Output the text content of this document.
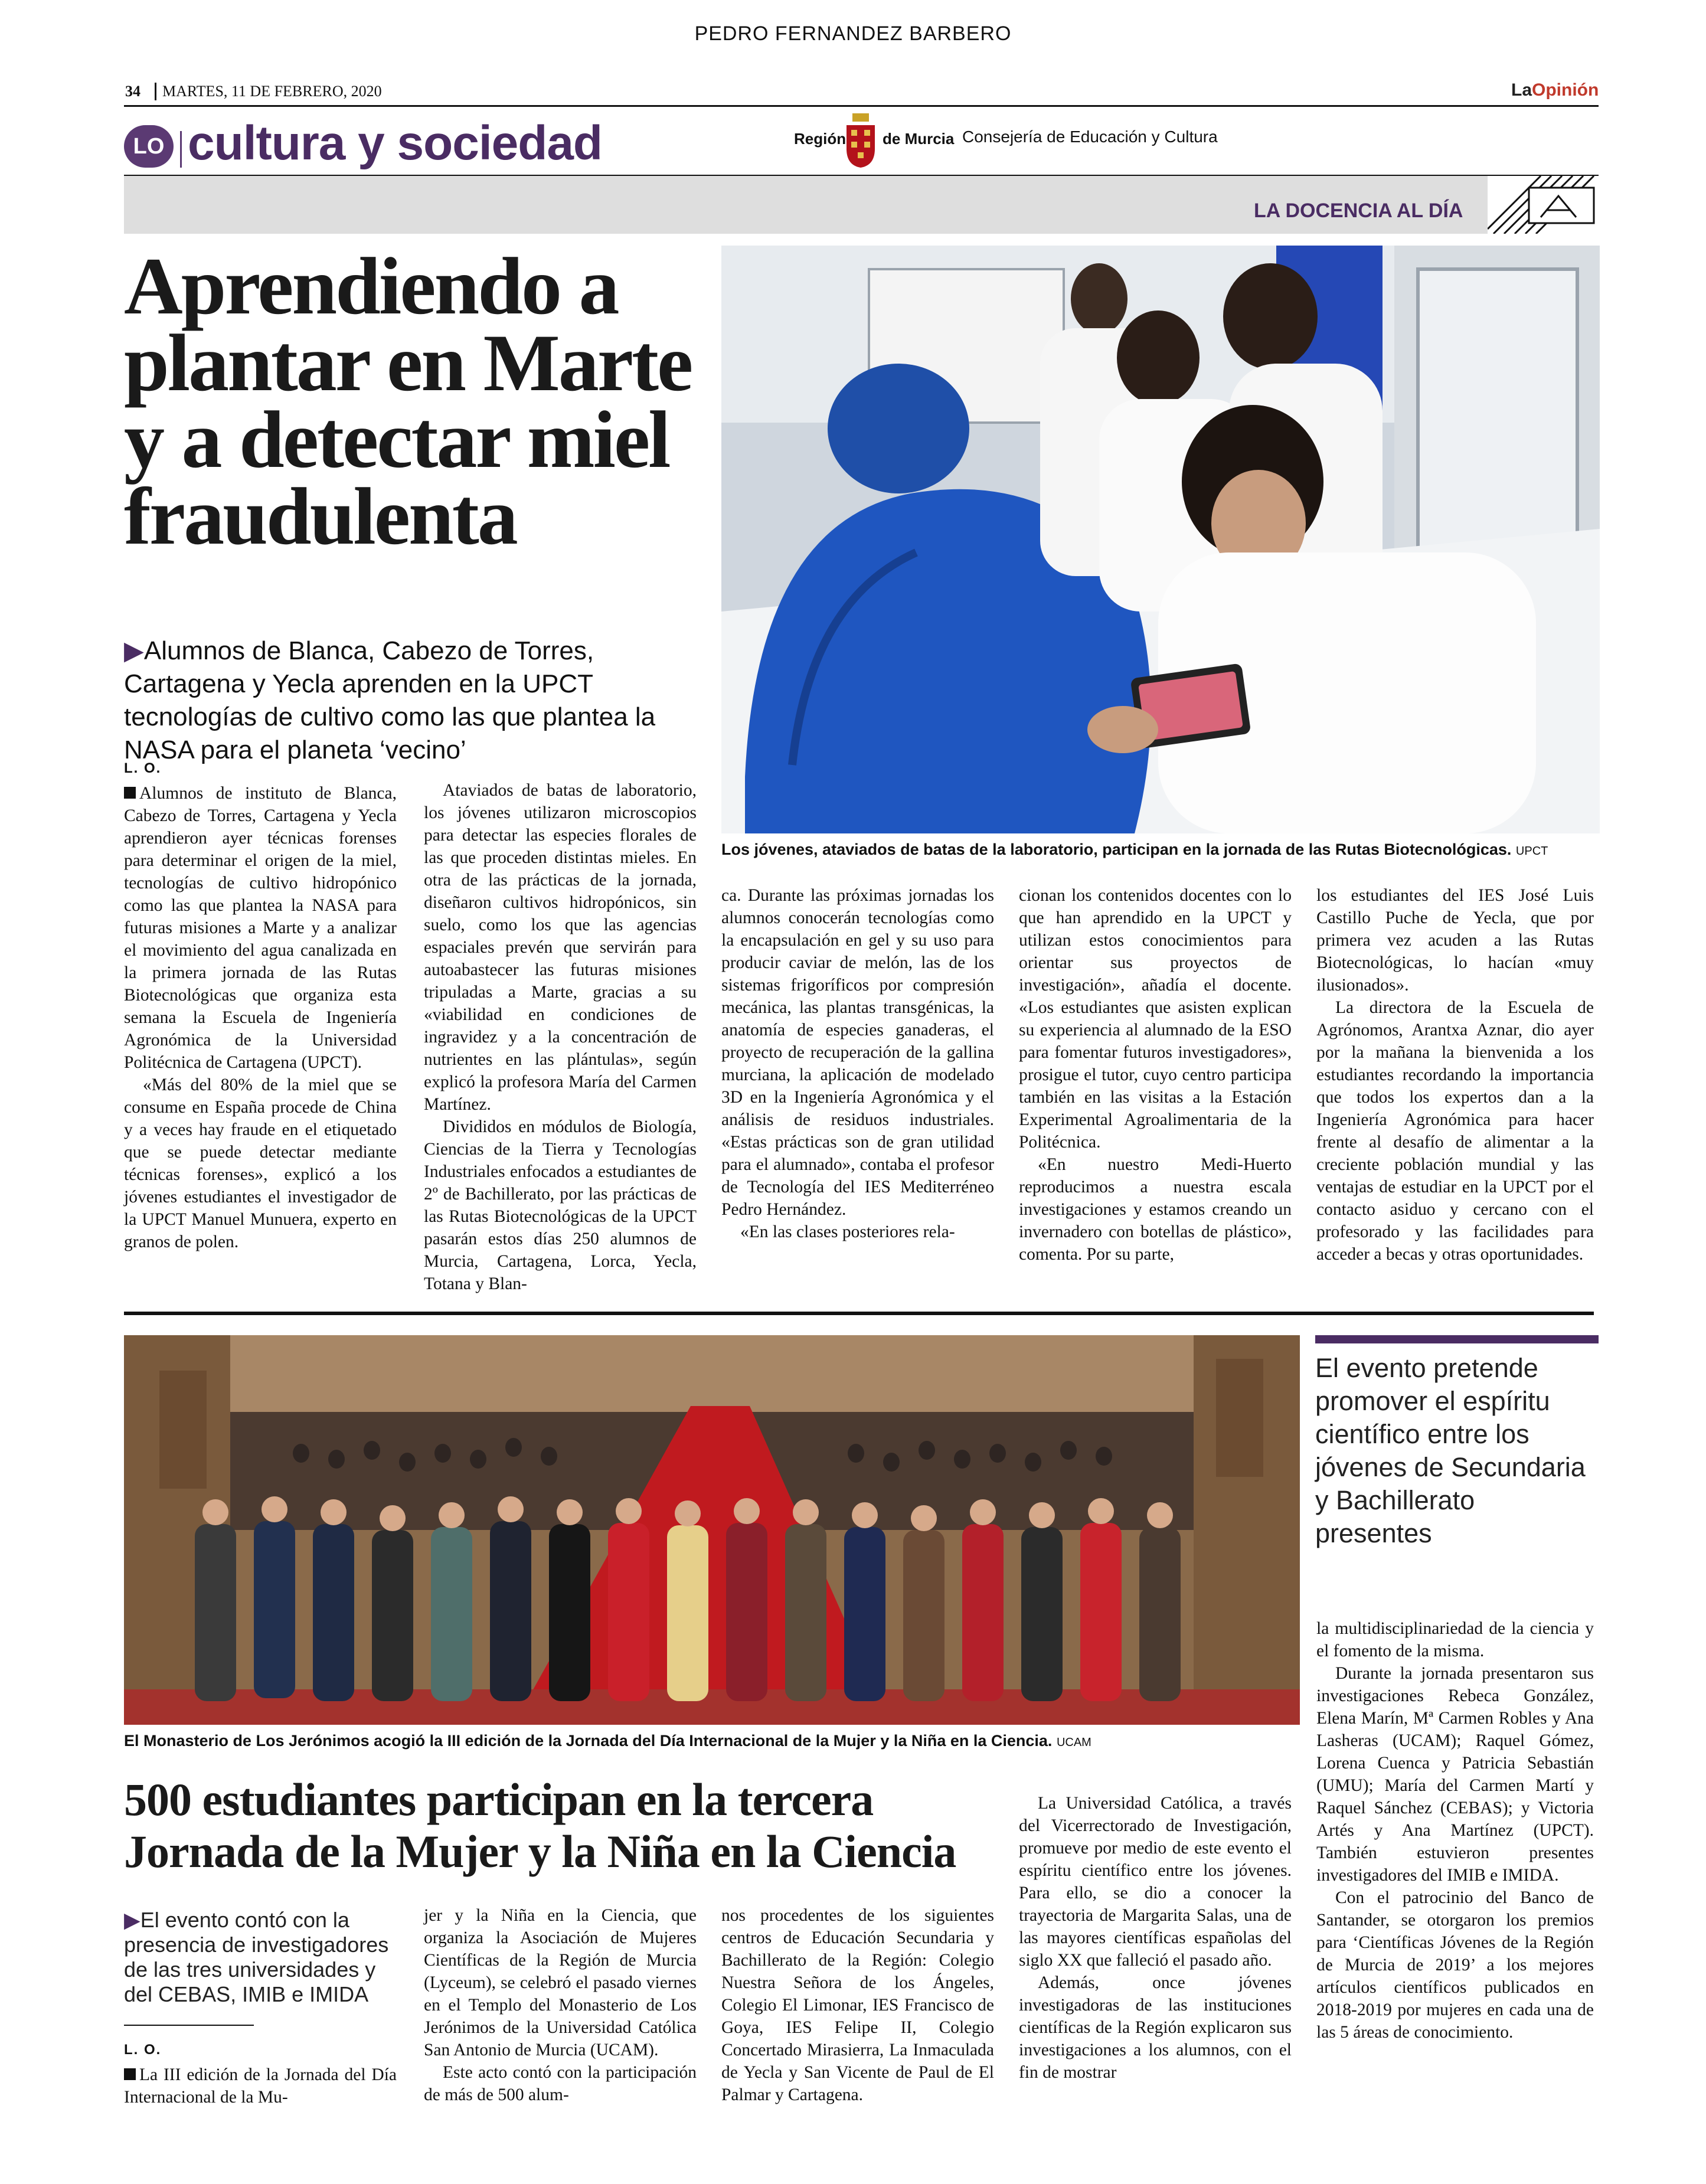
PEDRO FERNANDEZ BARBERO
34	MARTES, 11 DE FEBRERO, 2020	LaOpinión
LO cultura y sociedad	Región de Murcia Consejería de Educación y Cultura
LA DOCENCIA AL DÍA
Aprendiendo a
plantar en Marte
y a detectar miel
fraudulenta
▶Alumnos de Blanca, Cabezo de Torres, Cartagena y Yecla aprenden en la UPCT tecnologías de cultivo como las que plantea la NASA para el planeta ‘vecino’
L. O.

Alumnos de instituto de Blanca, Cabezo de Torres, Cartagena y Yecla aprendieron ayer técnicas forenses para determinar el origen de la miel, tecnologías de cultivo hidropónico como las que plantea la NASA para futuras misiones a Marte y a analizar el movimiento del agua canalizada en la primera jornada de las Rutas Biotecnológicas que organiza esta semana la Escuela de Ingeniería Agronómica de la Universidad Politécnica de Cartagena (UPCT).

«Más del 80% de la miel que se consume en España procede de China y a veces hay fraude en el etiquetado que se puede detectar mediante técnicas forenses», explicó a los jóvenes estudiantes el investigador de la UPCT Manuel Munuera, experto en granos de polen.

Ataviados de batas de laboratorio, los jóvenes utilizaron microscopios para detectar las especies florales de las que proceden distintas mieles. En otra de las prácticas de la jornada, diseñaron cultivos hidropónicos, sin suelo, como los que las agencias espaciales prevén que servirán para autoabastecer las futuras misiones tripuladas a Marte, gracias a su «viabilidad en condiciones de ingravidez y a la concentración de nutrientes en las plántulas», según explicó la profesora María del Carmen Martínez.

Divididos en módulos de Biología, Ciencias de la Tierra y Tecnologías Industriales enfocados a estudiantes de 2º de Bachillerato, por las prácticas de las Rutas Biotecnológicas de la UPCT pasarán estos días 250 alumnos de Murcia, Cartagena, Lorca, Yecla, Totana y Blan-

Los jóvenes, ataviados de batas de la laboratorio, participan en la jornada de las Rutas Biotecnológicas. UPCT

ca. Durante las próximas jornadas los alumnos conocerán tecnologías como la encapsulación en gel y su uso para producir caviar de melón, las de los sistemas frigoríficos por compresión mecánica, las plantas transgénicas, la anatomía de especies ganaderas, el proyecto de recuperación de la gallina murciana, la aplicación de modelado 3D en la Ingeniería Agronómica y el análisis de residuos industriales. «Estas prácticas son de gran utilidad para el alumnado», contaba el profesor de Tecnología del IES Mediterréneo Pedro Hernández.

«En las clases posteriores rela-

cionan los contenidos docentes con lo que han aprendido en la UPCT y utilizan estos conocimientos para orientar sus proyectos de investigación», añadía el docente. «Los estudiantes que asisten explican su experiencia al alumnado de la ESO para fomentar futuros investigadores», prosigue el tutor, cuyo centro participa también en las visitas a la Estación Experimental Agroalimentaria de la Politécnica.

«En nuestro Medi-Huerto reproducimos a nuestra escala investigaciones y estamos creando un invernadero con botellas de plástico», comenta. Por su parte,

los estudiantes del IES José Luis Castillo Puche de Yecla, que por primera vez acuden a las Rutas Biotecnológicas, lo hacían «muy ilusionados».

La directora de la Escuela de Agrónomos, Arantxa Aznar, dio ayer por la mañana la bienvenida a los estudiantes recordando la importancia que todos los expertos dan a la Ingeniería Agronómica para hacer frente al desafío de alimentar a la creciente población mundial y las ventajas de estudiar en la UPCT por el contacto asiduo y cercano con el profesorado y las facilidades para acceder a becas y otras oportunidades.

El Monasterio de Los Jerónimos acogió la III edición de la Jornada del Día Internacional de la Mujer y la Niña en la Ciencia. UCAM
El evento pretende promover el espíritu científico entre los jóvenes de Secundaria y Bachillerato presentes
500 estudiantes participan en la tercera
Jornada de la Mujer y la Niña en la Ciencia
▶El evento contó con la presencia de investigadores de las tres universidades y del CEBAS, IMIB e IMIDA
L. O.

La III edición de la Jornada del Día Internacional de la Mu-

jer y la Niña en la Ciencia, que organiza la Asociación de Mujeres Científicas de la Región de Murcia (Lyceum), se celebró el pasado viernes en el Templo del Monasterio de Los Jerónimos de la Universidad Católica San Antonio de Murcia (UCAM).

Este acto contó con la participación de más de 500 alum-

nos procedentes de los siguientes centros de Educación Secundaria y Bachillerato de la Región: Colegio Nuestra Señora de los Ángeles, Colegio El Limonar, IES Francisco de Goya, IES Felipe II, Colegio Concertado Mirasierra, La Inmaculada de Yecla y San Vicente de Paul de El Palmar y Cartagena.

La Universidad Católica, a través del Vicerrectorado de Investigación, promueve por medio de este evento el espíritu científico entre los jóvenes. Para ello, se dio a conocer la trayectoria de Margarita Salas, una de las mayores científicas españolas del siglo XX que falleció el pasado año.

Además, once jóvenes investigadoras de las instituciones científicas de la Región explicaron sus investigaciones a los alumnos, con el fin de mostrar

la multidisciplinariedad de la ciencia y el fomento de la misma.

Durante la jornada presentaron sus investigaciones Rebeca González, Elena Marín, Mª Carmen Robles y Ana Lasheras (UCAM); Raquel Gómez, Lorena Cuenca y Patricia Sebastián (UMU); María del Carmen Martí y Raquel Sánchez (CEBAS); y Victoria Artés y Ana Martínez (UPCT). También estuvieron presentes investigadores del IMIB e IMIDA.

Con el patrocinio del Banco de Santander, se otorgaron los premios para ‘Científicas Jóvenes de la Región de Murcia de 2019’ a los mejores artículos científicos publicados en 2018-2019 por mujeres en cada una de las 5 áreas de conocimiento.
